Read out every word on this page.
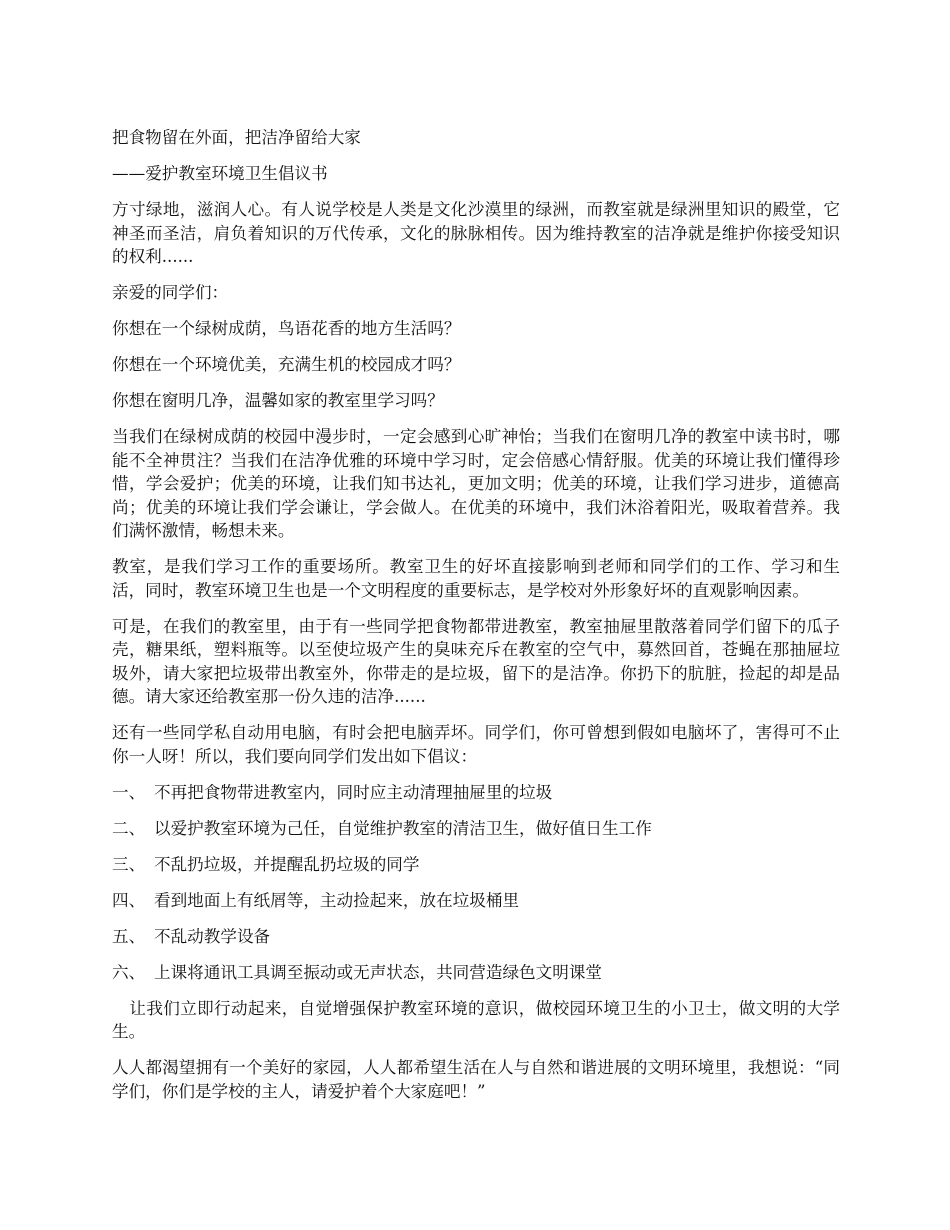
把食物留在外面，把洁净留给大家

——爱护教室环境卫生倡议书

方寸绿地，滋润人心。有人说学校是人类是文化沙漠里的绿洲，而教室就是绿洲里知识的殿堂，它神圣而圣洁，肩负着知识的万代传承，文化的脉脉相传。因为维持教室的洁净就是维护你接受知识的权利......

亲爱的同学们：

你想在一个绿树成荫，鸟语花香的地方生活吗？

你想在一个环境优美，充满生机的校园成才吗？

你想在窗明几净，温馨如家的教室里学习吗？

当我们在绿树成荫的校园中漫步时，一定会感到心旷神怡；当我们在窗明几净的教室中读书时，哪能不全神贯注？当我们在洁净优雅的环境中学习时，定会倍感心情舒服。优美的环境让我们懂得珍惜，学会爱护；优美的环境，让我们知书达礼，更加文明；优美的环境，让我们学习进步，道德高尚；优美的环境让我们学会谦让，学会做人。在优美的环境中，我们沐浴着阳光，吸取着营养。我们满怀激情，畅想未来。

教室，是我们学习工作的重要场所。教室卫生的好坏直接影响到老师和同学们的工作、学习和生活，同时，教室环境卫生也是一个文明程度的重要标志，是学校对外形象好坏的直观影响因素。

可是，在我们的教室里，由于有一些同学把食物都带进教室，教室抽屉里散落着同学们留下的瓜子壳，糖果纸，塑料瓶等。以至使垃圾产生的臭味充斥在教室的空气中，募然回首，苍蝇在那抽屉垃圾外，请大家把垃圾带出教室外，你带走的是垃圾，留下的是洁净。你扔下的肮脏，捡起的却是品德。请大家还给教室那一份久违的洁净......

还有一些同学私自动用电脑，有时会把电脑弄坏。同学们，你可曾想到假如电脑坏了，害得可不止你一人呀！所以，我们要向同学们发出如下倡议：

一、 不再把食物带进教室内，同时应主动清理抽屉里的垃圾
二、 以爱护教室环境为己任，自觉维护教室的清洁卫生，做好值日生工作
三、 不乱扔垃圾，并提醒乱扔垃圾的同学
四、 看到地面上有纸屑等，主动捡起来，放在垃圾桶里
五、 不乱动教学设备
六、 上课将通讯工具调至振动或无声状态，共同营造绿色文明课堂

让我们立即行动起来，自觉增强保护教室环境的意识，做校园环境卫生的小卫士，做文明的大学生。

人人都渴望拥有一个美好的家园，人人都希望生活在人与自然和谐进展的文明环境里，我想说：“同学们，你们是学校的主人，请爱护着个大家庭吧！”
